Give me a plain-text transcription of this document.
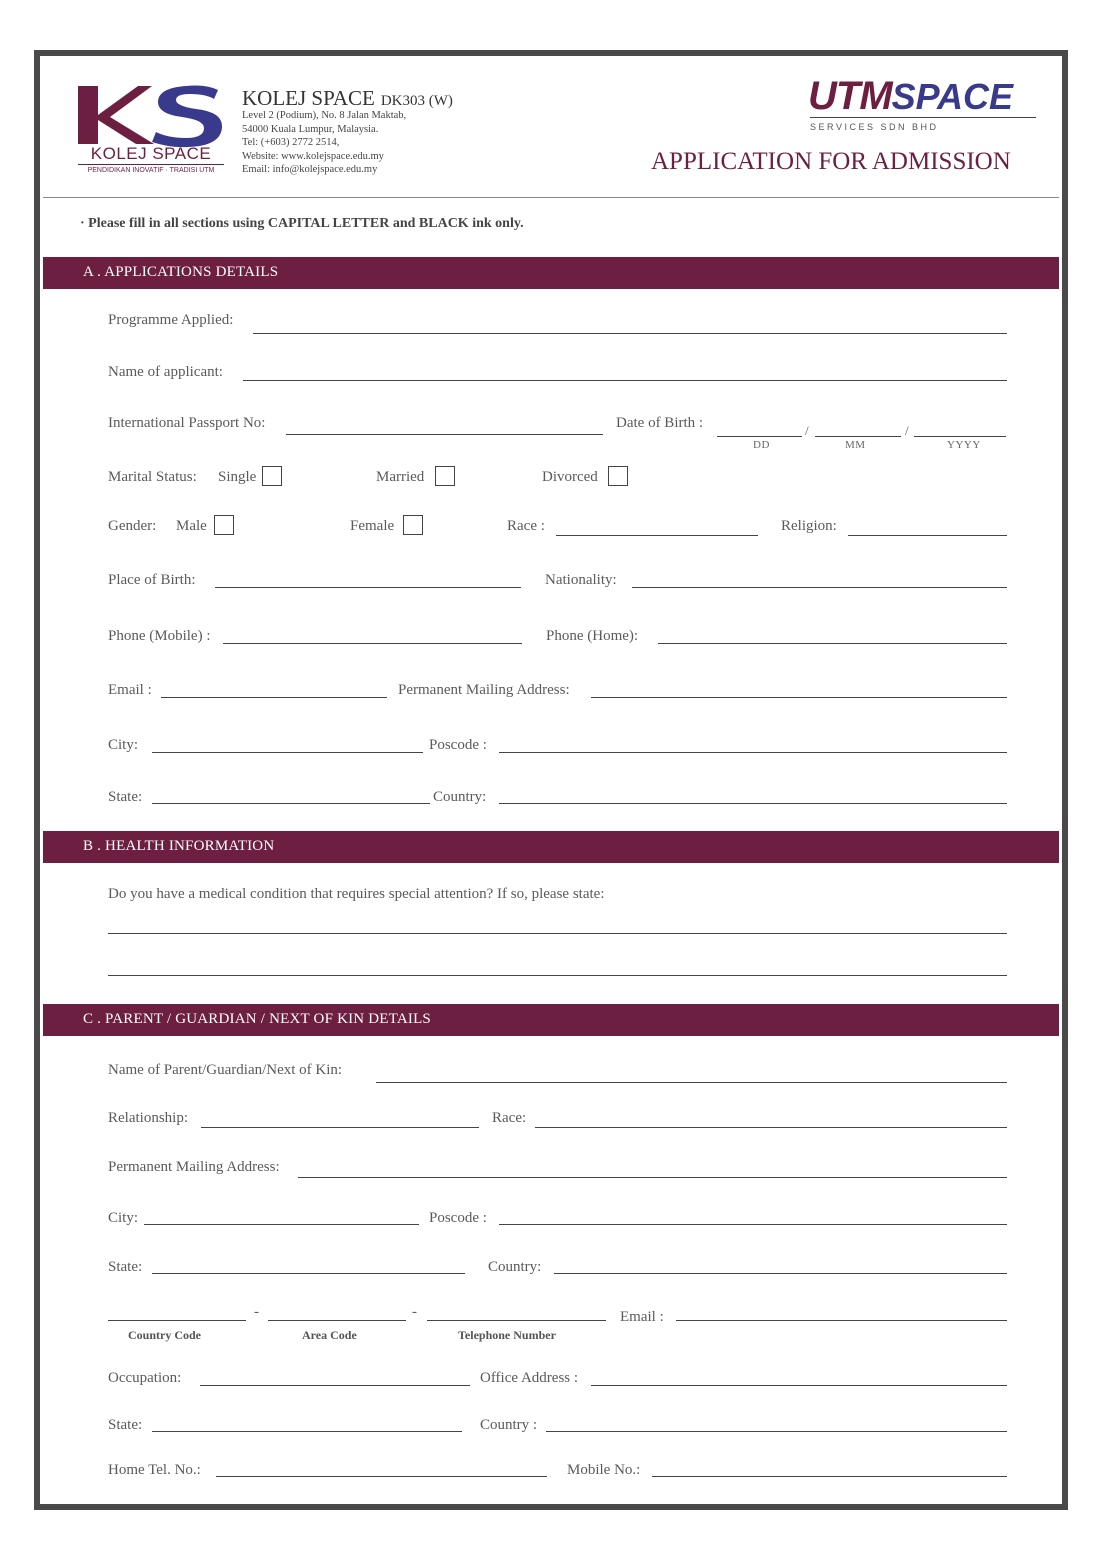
KOLEJ SPACE
PENDIDIKAN INOVATIF · TRADISI UTM
KOLEJ SPACE DK303 (W)
Level 2 (Podium), No. 8 Jalan Maktab,
54000 Kuala Lumpur, Malaysia.
Tel: (+603) 2772 2514,
Website: www.kolejspace.edu.my
Email: info@kolejspace.edu.my
UTMSPACE
S E R V I C E S   S D N   B H D
APPLICATION FOR ADMISSION
· Please fill in all sections using CAPITAL LETTER and BLACK ink only.
A . APPLICATIONS DETAILS
Programme Applied:
Name of applicant:
International Passport No:	Date of Birth :	/	/
DD	MM	YYYY
Marital Status: Single	Married	Divorced
Gender: Male	Female	Race :	Religion:
Place of Birth:	Nationality:
Phone (Mobile) :	Phone (Home):
Email :	Permanent Mailing Address:
City:	Poscode :
State:	Country:
B . HEALTH INFORMATION
Do you have a medical condition that requires special attention? If so, please state:
C . PARENT / GUARDIAN / NEXT OF KIN DETAILS
Name of Parent/Guardian/Next of Kin:
Relationship:	Race:
Permanent Mailing Address:
City:	Poscode :
State:	Country:
-	-
Country Code	Area Code	Telephone Number
Email :
Occupation:	Office Address :
State:	Country :
Home Tel. No.:	Mobile No.:
